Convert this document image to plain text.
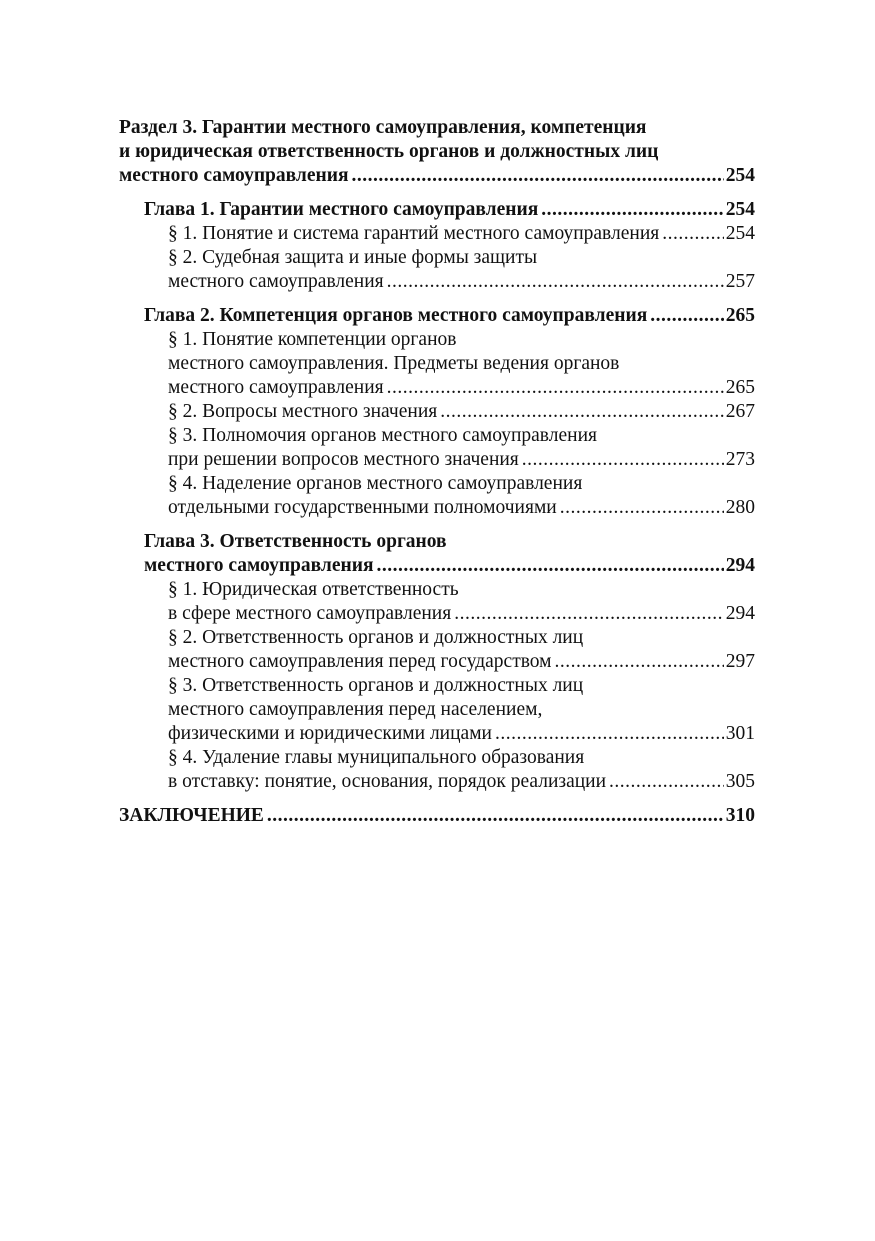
Раздел 3. Гарантии местного самоуправления, компетенция
и юридическая ответственность органов и должностных лиц
местного самоуправления .....	254
Глава 1. Гарантии местного самоуправления .....	254
§ 1. Понятие и система гарантий местного самоуправления .....	254
§ 2. Судебная защита и иные формы защиты
местного самоуправления .....	257
Глава 2. Компетенция органов местного самоуправления .....	265
§ 1. Понятие компетенции органов
местного самоуправления. Предметы ведения органов
местного самоуправления .....	265
§ 2. Вопросы местного значения .....	267
§ 3. Полномочия органов местного самоуправления
при решении вопросов местного значения .....	273
§ 4. Наделение органов местного самоуправления
отдельными государственными полномочиями .....	280
Глава 3. Ответственность органов
местного самоуправления .....	294
§ 1. Юридическая ответственность
в сфере местного самоуправления .....	294
§ 2. Ответственность органов и должностных лиц
местного самоуправления перед государством .....	297
§ 3. Ответственность органов и должностных лиц
местного самоуправления перед населением,
физическими и юридическими лицами .....	301
§ 4. Удаление главы муниципального образования
в отставку: понятие, основания, порядок реализации .....	305
ЗАКЛЮЧЕНИЕ .....	310
